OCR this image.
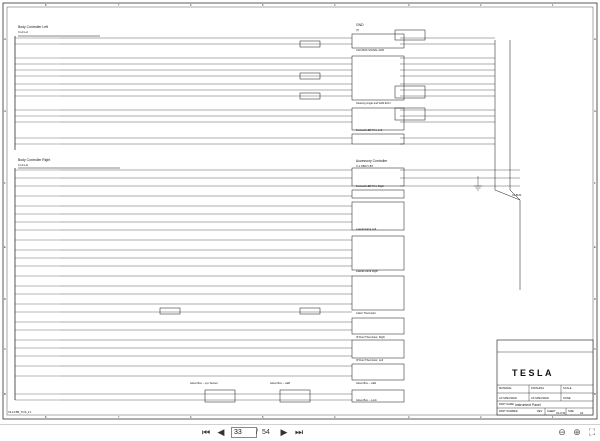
8	7	6	5	4	3	2	1
8	7	6	5	4	3	2	1
H
G
F
E
D
C
B
H
G
F
E
D
C
B
Body Controller Left
X-LF-LH
Body Controller Right
X-LF-LH
X3 BUS
GND
(?)
CAN BUS SIGNAL GND
Steering Angle and SAM ECU
Footwell LED Trim Left
Accessory Controller
X-1 CBM V-BT
Footwell LED Trim Right
Lateral Fairia Left
Lateral Fairia Right
Cabin Thermistor
IP Duct Thermistor, Right
IP Duct Thermistor, Left
Glove Box -- LED
Glove Box -- Lock
Glove Box -- Lpr Sensor	Glove Box -- LED
X3-14 BB_TCIS_2 1
TESLA
MATERIAL
AS SPECIFIED
FINISHING
AS SPECIFIED
SCALE
NONE
PART NAME Instrument Panel
PART NUMBER	SHEET
33 of 54
SIZE
A0
REV
⏮ ◀
33	/ 54 ▶ ⏭	⊖ ⊕ ⛶
